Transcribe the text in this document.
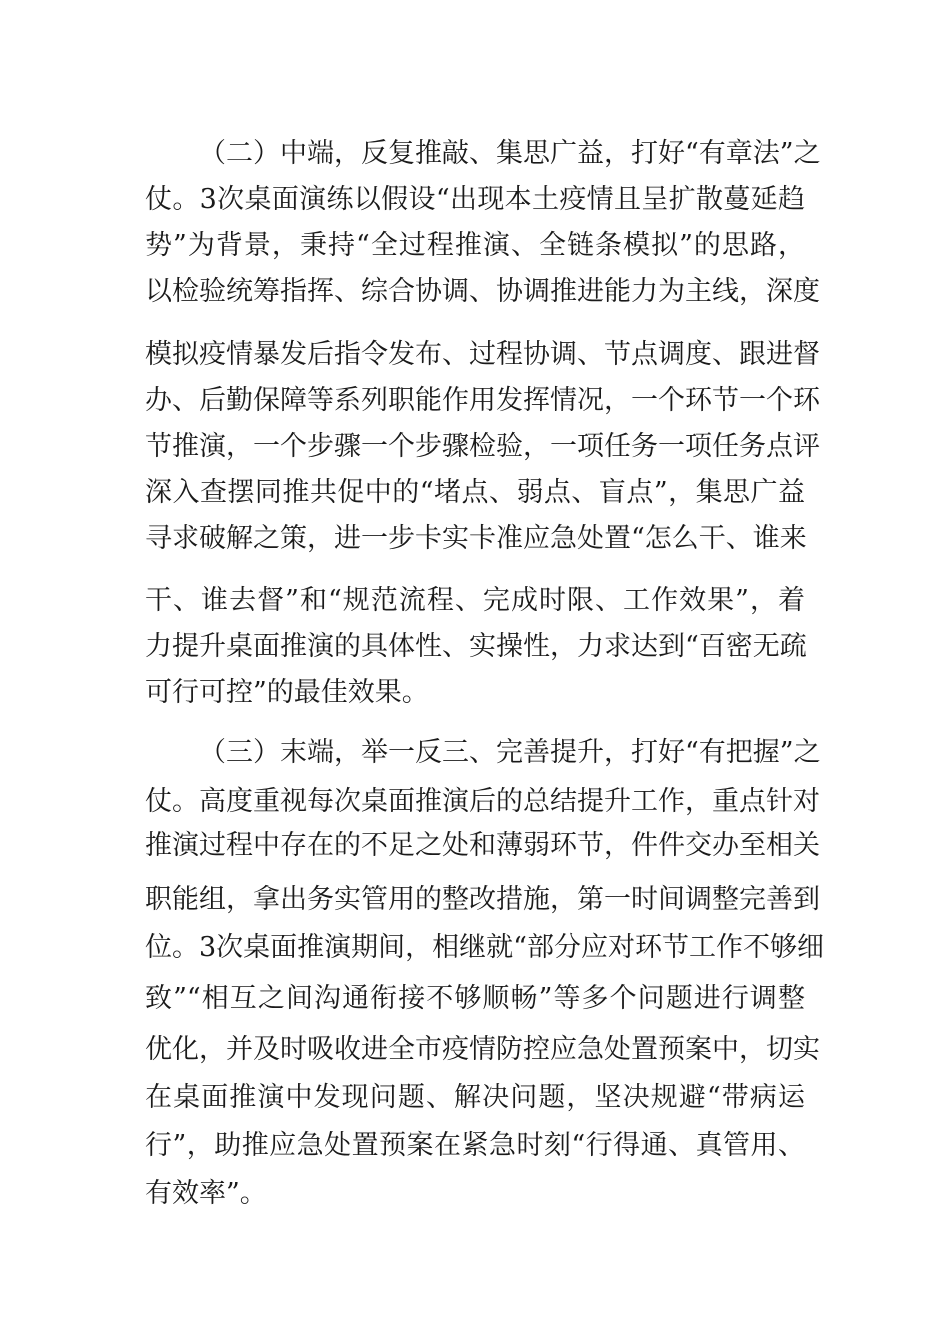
（二）中端，反复推敲、集思广益，打好“有章法”之
仗。3次桌面演练以假设“出现本土疫情且呈扩散蔓延趋
势”为背景，秉持“全过程推演、全链条模拟”的思路，
以检验统筹指挥、综合协调、协调推进能力为主线，深度
模拟疫情暴发后指令发布、过程协调、节点调度、跟进督
办、后勤保障等系列职能作用发挥情况，一个环节一个环
节推演，一个步骤一个步骤检验，一项任务一项任务点评
深入查摆同推共促中的“堵点、弱点、盲点”，集思广益
寻求破解之策，进一步卡实卡准应急处置“怎么干、谁来
干、谁去督”和“规范流程、完成时限、工作效果”，着
力提升桌面推演的具体性、实操性，力求达到“百密无疏
可行可控”的最佳效果。
（三）末端，举一反三、完善提升，打好“有把握”之
仗。高度重视每次桌面推演后的总结提升工作，重点针对
推演过程中存在的不足之处和薄弱环节，件件交办至相关
职能组，拿出务实管用的整改措施，第一时间调整完善到
位。3次桌面推演期间，相继就“部分应对环节工作不够细
致”“相互之间沟通衔接不够顺畅”等多个问题进行调整
优化，并及时吸收进全市疫情防控应急处置预案中，切实
在桌面推演中发现问题、解决问题，坚决规避“带病运
行”，助推应急处置预案在紧急时刻“行得通、真管用、
有效率”。
